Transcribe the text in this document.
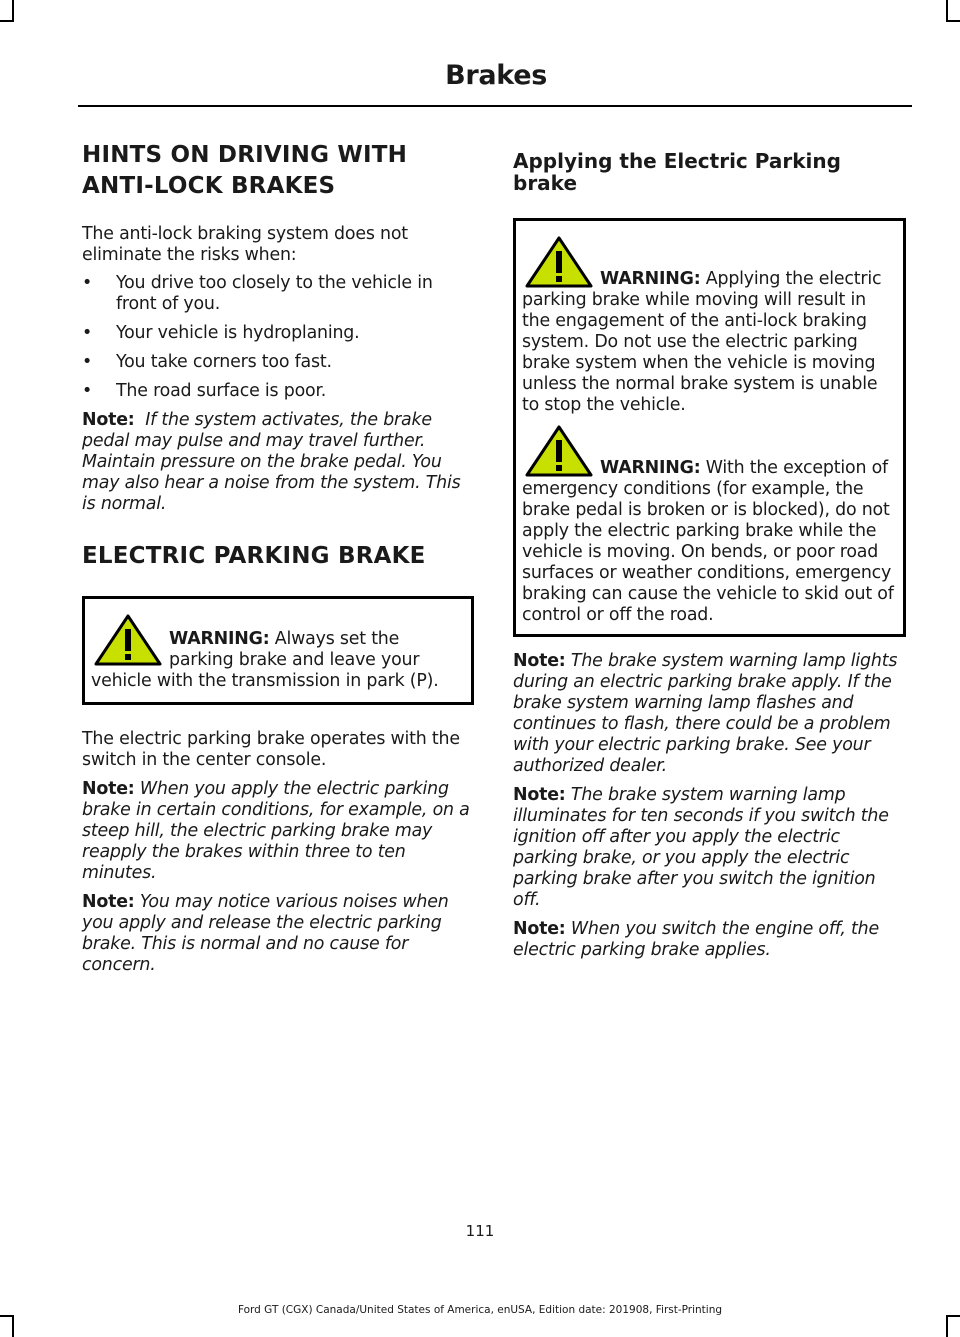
Brakes
HINTS ON DRIVING WITH
ANTI-LOCK BRAKES

The anti-lock braking system does not eliminate the risks when:

• You drive too closely to the vehicle in front of you.
• Your vehicle is hydroplaning.
• You take corners too fast.
• The road surface is poor.

Note: If the system activates, the brake pedal may pulse and may travel further. Maintain pressure on the brake pedal. You may also hear a noise from the system. This is normal.

ELECTRIC PARKING BRAKE
WARNING: Always set the parking brake and leave your vehicle with the transmission in park (P).

The electric parking brake operates with the switch in the center console.

Note: When you apply the electric parking brake in certain conditions, for example, on a steep hill, the electric parking brake may reapply the brakes within three to ten minutes.

Note: You may notice various noises when you apply and release the electric parking brake. This is normal and no cause for concern.

Applying the Electric Parking brake
WARNING: Applying the electric parking brake while moving will result in the engagement of the anti-lock braking system. Do not use the electric parking brake system when the vehicle is moving unless the normal brake system is unable to stop the vehicle.
WARNING: With the exception of emergency conditions (for example, the brake pedal is broken or is blocked), do not apply the electric parking brake while the vehicle is moving. On bends, or poor road surfaces or weather conditions, emergency braking can cause the vehicle to skid out of control or off the road.

Note: The brake system warning lamp lights during an electric parking brake apply. If the brake system warning lamp flashes and continues to flash, there could be a problem with your electric parking brake. See your authorized dealer.

Note: The brake system warning lamp illuminates for ten seconds if you switch the ignition off after you apply the electric parking brake, or you apply the electric parking brake after you switch the ignition off.

Note: When you switch the engine off, the electric parking brake applies.

111
Ford GT (CGX) Canada/United States of America, enUSA, Edition date: 201908, First-Printing
